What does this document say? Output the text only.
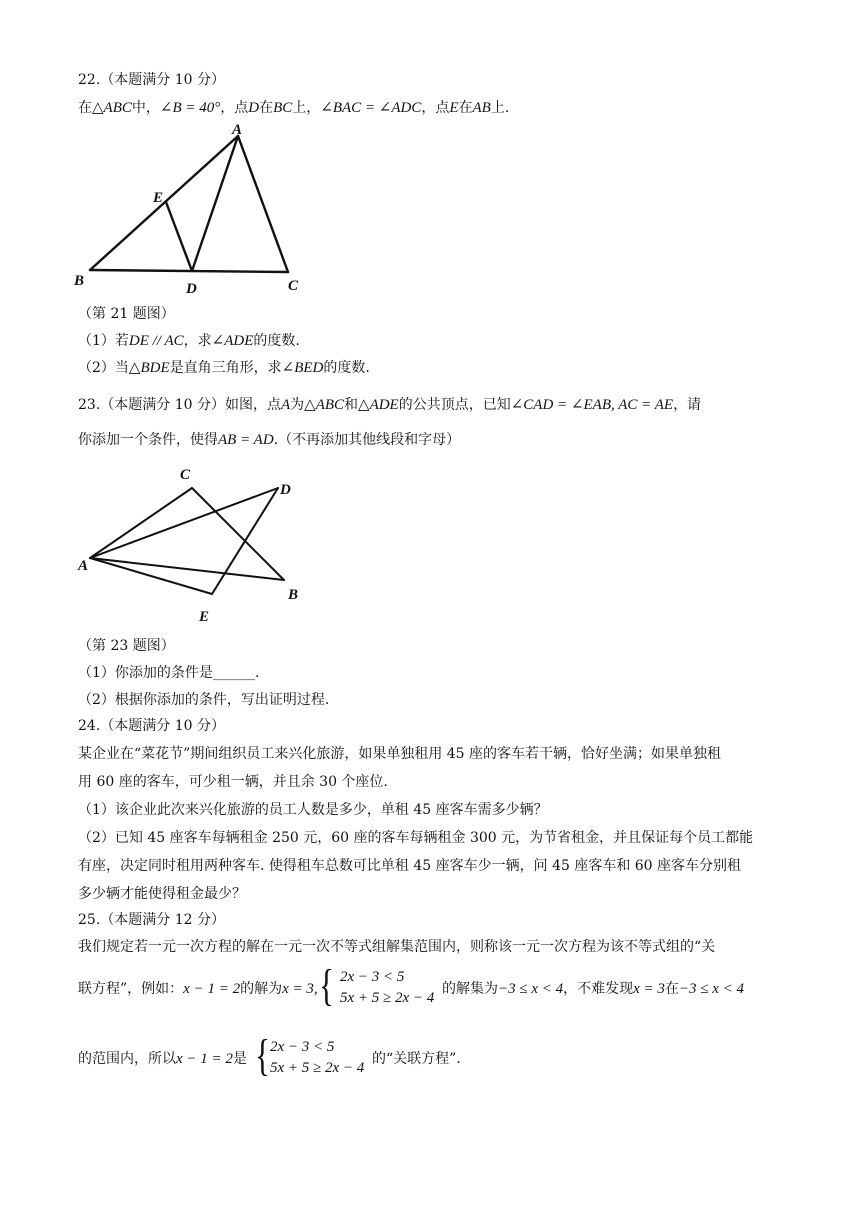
22.（本题满分 10 分）
在△ABC中，∠B = 40°，点D在BC上，∠BAC = ∠ADC，点E在AB上.
A
B	C
D
E
（第 21 题图）
（1）若DE // AC，求∠ADE的度数.
（2）当△BDE是直角三角形，求∠BED的度数.
23.（本题满分 10 分）如图，点A为△ABC和△ADE的公共顶点，已知∠CAD = ∠EAB, AC = AE，请
你添加一个条件，使得AB = AD.（不再添加其他线段和字母）
C
D
A
B
E
（第 23 题图）
（1）你添加的条件是______.
（2）根据你添加的条件，写出证明过程.
24.（本题满分 10 分）
某企业在“菜花节”期间组织员工来兴化旅游，如果单独租用 45 座的客车若干辆，恰好坐满；如果单独租
用 60 座的客车，可少租一辆，并且余 30 个座位.
（1）该企业此次来兴化旅游的员工人数是多少，单租 45 座客车需多少辆？
（2）已知 45 座客车每辆租金 250 元，60 座的客车每辆租金 300 元，为节省租金，并且保证每个员工都能
有座，决定同时租用两种客车. 使得租车总数可比单租 45 座客车少一辆，问 45 座客车和 60 座客车分别租
多少辆才能使得租金最少？
25.（本题满分 12 分）
我们规定若一元一次方程的解在一元一次不等式组解集范围内，则称该一元一次方程为该不等式组的“关
联方程”，例如：x − 1 = 2的解为x = 3, { 2x − 3 < 5
5x + 5 ≥ 2x − 4
的解集为−3 ≤ x < 4，不难发现x = 3在−3 ≤ x < 4
的范围内，所以x − 1 = 2是 { 2x − 3 < 5
5x + 5 ≥ 2x − 4
的“关联方程”.
